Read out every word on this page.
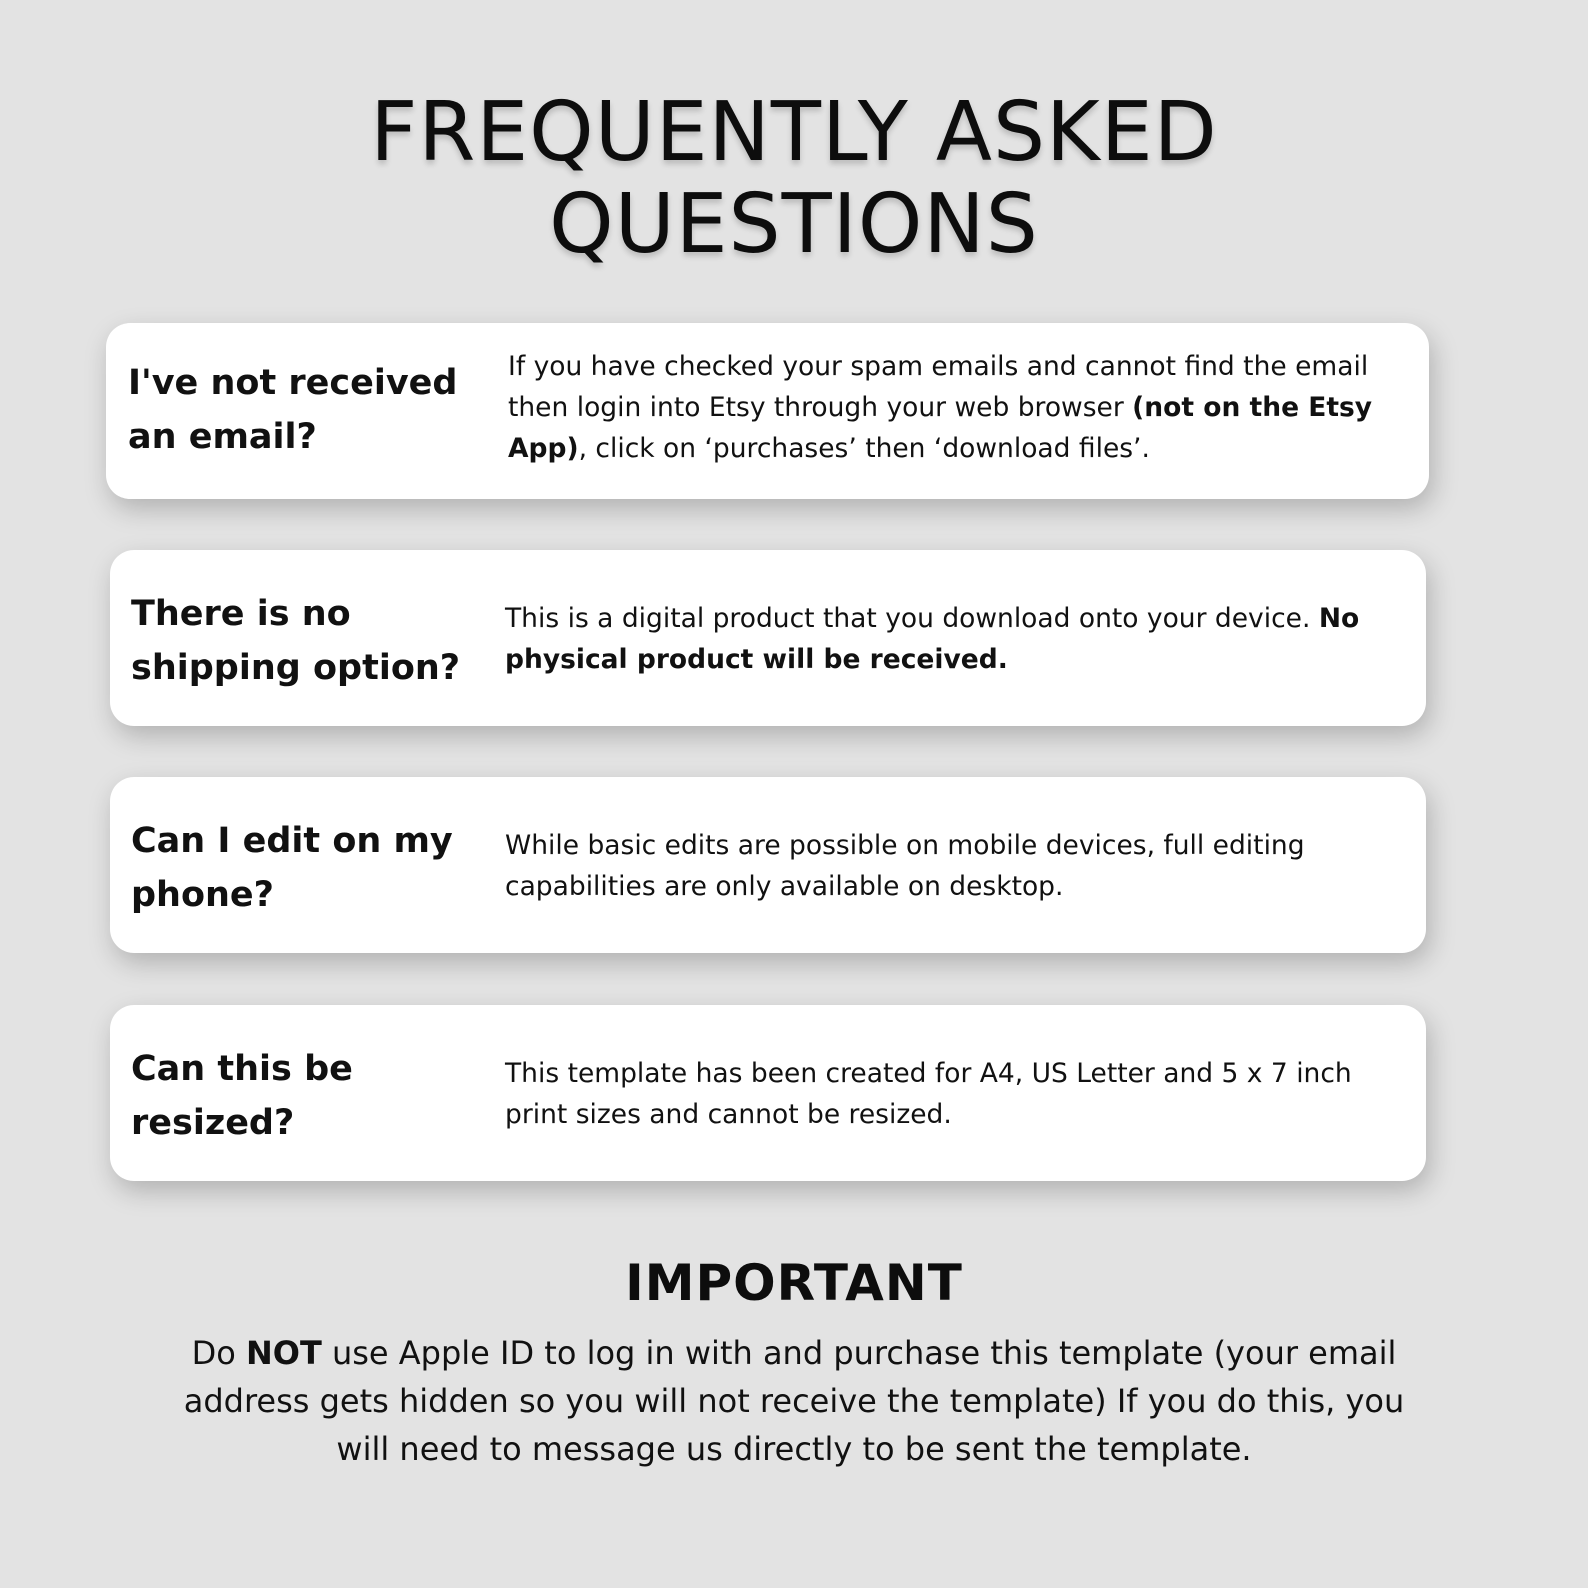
FREQUENTLY ASKED
QUESTIONS

I've not received an email?

If you have checked your spam emails and cannot find the email then login into Etsy through your web browser (not on the Etsy App), click on ‘purchases’ then ‘download files’.

There is no shipping option?

This is a digital product that you download onto your device. No physical product will be received.

Can I edit on my phone?

While basic edits are possible on mobile devices, full editing capabilities are only available on desktop.

Can this be resized?

This template has been created for A4, US Letter and 5 x 7 inch print sizes and cannot be resized.

IMPORTANT

Do NOT use Apple ID to log in with and purchase this template (your email address gets hidden so you will not receive the template) If you do this, you will need to message us directly to be sent the template.
